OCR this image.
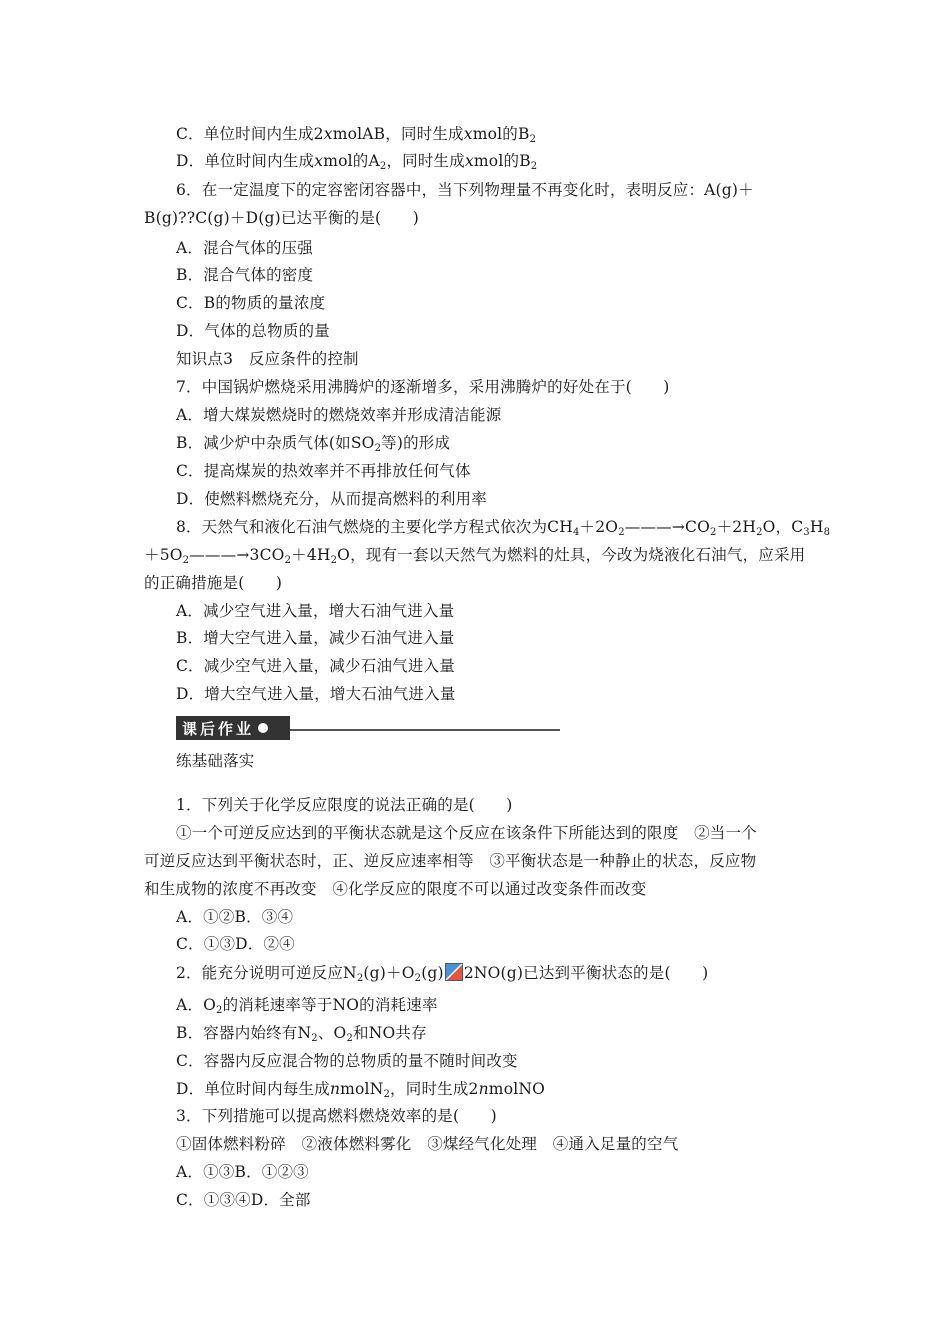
C．单位时间内生成2xmolAB，同时生成xmol的$B_2$
D．单位时间内生成xmol的$A_2$，同时生成xmol的$B_2$
6．在一定温度下的定容密闭容器中，当下列物理量不再变化时，表明反应：A(g)＋
B(g)??C(g)＋D(g)已达平衡的是(　　)
A．混合气体的压强
B．混合气体的密度
C．B的物质的量浓度
D．气体的总物质的量
知识点3　反应条件的控制
7．中国锅炉燃烧采用沸腾炉的逐渐增多，采用沸腾炉的好处在于(　　)
A．增大煤炭燃烧时的燃烧效率并形成清洁能源
B．减少炉中杂质气体(如$SO_2$等)的形成
C．提高煤炭的热效率并不再排放任何气体
D．使燃料燃烧充分，从而提高燃料的利用率
8．天然气和液化石油气燃烧的主要化学方程式依次为$CH_4+2O_2———\to CO_2+2H_2O$，$C_3H_8$
$+5O_2———\to 3CO_2+4H_2O$，现有一套以天然气为燃料的灶具，今改为烧液化石油气，应采用
的正确措施是(　　)
A．减少空气进入量，增大石油气进入量
B．增大空气进入量，减少石油气进入量
C．减少空气进入量，减少石油气进入量
D．增大空气进入量，增大石油气进入量
课后作业
练基础落实
1．下列关于化学反应限度的说法正确的是(　　)
①一个可逆反应达到的平衡状态就是这个反应在该条件下所能达到的限度　②当一个
可逆反应达到平衡状态时，正、逆反应速率相等　③平衡状态是一种静止的状态，反应物
和生成物的浓度不再改变　④化学反应的限度不可以通过改变条件而改变
A．①②B．③④
C．①③D．②④
2．能充分说明可逆反应$N_2(g)+O_2(g)\rightleftharpoons 2NO(g)$已达到平衡状态的是(　　)
A．$O_2$的消耗速率等于NO的消耗速率
B．容器内始终有$N_2$、$O_2$和NO共存
C．容器内反应混合物的总物质的量不随时间改变
D．单位时间内每生成nmolN$_2$，同时生成2nmolNO
3．下列措施可以提高燃料燃烧效率的是(　　)
①固体燃料粉碎　②液体燃料雾化　③煤经气化处理　④通入足量的空气
A．①③B．①②③
C．①③④D．全部
